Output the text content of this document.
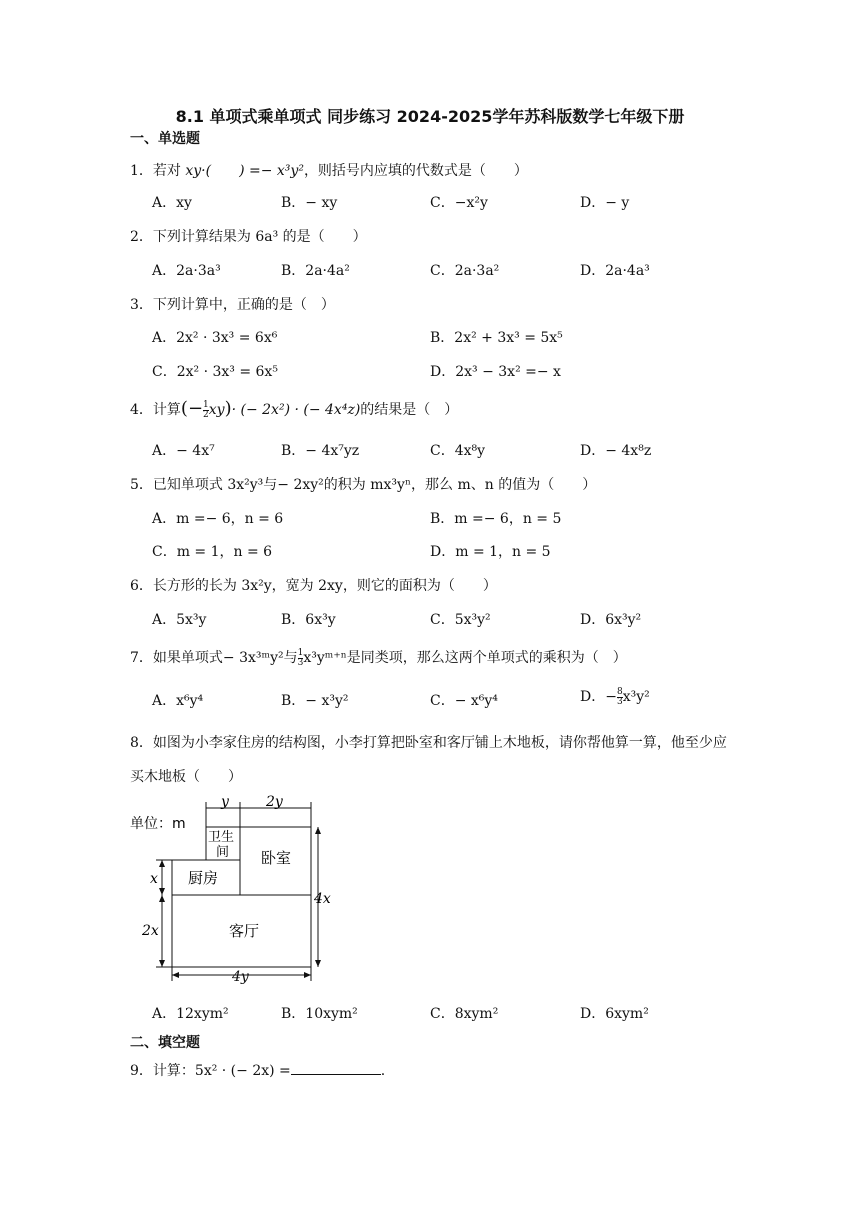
8.1 单项式乘单项式 同步练习 2024-2025学年苏科版数学七年级下册
一、单选题
1．若对 xy·(　　) =− x³y²，则括号内应填的代数式是（　　）
A．xy	B．− xy	C．−x²y	D．− y
2．下列计算结果为 6a³ 的是（　　）
A．2a·3a³	B．2a·4a²	C．2a·3a²	D．2a·4a³
3．下列计算中，正确的是（　）
A．2x² · 3x³ = 6x⁶	B．2x² + 3x³ = 5x⁵
C．2x² · 3x³ = 6x⁵	D．2x³ − 3x² =− x
4．计算(− $\frac{1}{2} xy)\cdot$ (− 2x²) · (− 4x⁴z)的结果是（　）
A．− 4x⁷	B．− 4x⁷yz	C．4x⁸y	D．− 4x⁸z
5．已知单项式 3x²y³与− 2xy²的积为 mx³yⁿ，那么 m、n 的值为（　　）
A．m =− 6，n = 6	B．m =− 6，n = 5
C．m = 1，n = 6	D．m = 1，n = 5
6．长方形的长为 3x²y，宽为 2xy，则它的面积为（　　）
A．5x³y	B．6x³y	C．5x³y²	D．6x³y²
7．如果单项式− 3x³ᵐy²与 $\frac{1}{3}$ x³yᵐ⁺ⁿ是同类项，那么这两个单项式的乘积为（　）
A．x⁶y⁴	B．− x³y²	C．− x⁶y⁴	D．− $\frac{8}{3} x^3y^2$
8．如图为小李家住房的结构图，小李打算把卧室和客厅铺上木地板，请你帮他算一算，他至少应买木地板（　　）
单位：m
y	2y
卫生
间 卧室
厨房
客厅
4x
x
2x
4y
A．12xym²	B．10xym²	C．8xym²	D．6xym²
二、填空题
9．计算：5x² · (− 2x) =	.
